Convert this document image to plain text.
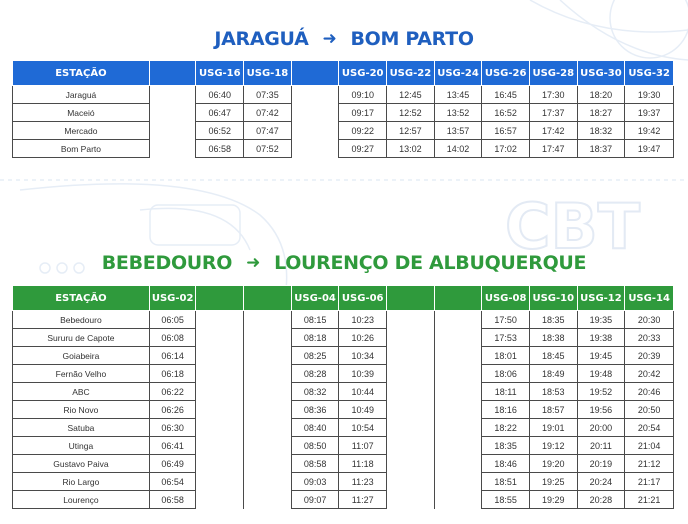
CBT
JARAGUÁ ➜ BOM PARTO
ESTAÇÃO		USG-16	USG-18		USG-20	USG-22	USG-24	USG-26	USG-28	USG-30	USG-32
Jaraguá		06:40	07:35		09:10	12:45	13:45	16:45	17:30	18:20	19:30
Maceió		06:47	07:42		09:17	12:52	13:52	16:52	17:37	18:27	19:37
Mercado		06:52	07:47		09:22	12:57	13:57	16:57	17:42	18:32	19:42
Bom Parto		06:58	07:52		09:27	13:02	14:02	17:02	17:47	18:37	19:47
BEBEDOURO ➜ LOURENÇO DE ALBUQUERQUE
ESTAÇÃO	USG-02			USG-04	USG-06			USG-08	USG-10	USG-12	USG-14
Bebedouro	06:05			08:15	10:23			17:50	18:35	19:35	20:30
Sururu de Capote	06:08			08:18	10:26			17:53	18:38	19:38	20:33
Goiabeira	06:14			08:25	10:34			18:01	18:45	19:45	20:39
Fernão Velho	06:18			08:28	10:39			18:06	18:49	19:48	20:42
ABC	06:22			08:32	10:44			18:11	18:53	19:52	20:46
Rio Novo	06:26			08:36	10:49			18:16	18:57	19:56	20:50
Satuba	06:30			08:40	10:54			18:22	19:01	20:00	20:54
Utinga	06:41			08:50	11:07			18:35	19:12	20:11	21:04
Gustavo Paiva	06:49			08:58	11:18			18:46	19:20	20:19	21:12
Rio Largo	06:54			09:03	11:23			18:51	19:25	20:24	21:17
Lourenço	06:58			09:07	11:27			18:55	19:29	20:28	21:21
